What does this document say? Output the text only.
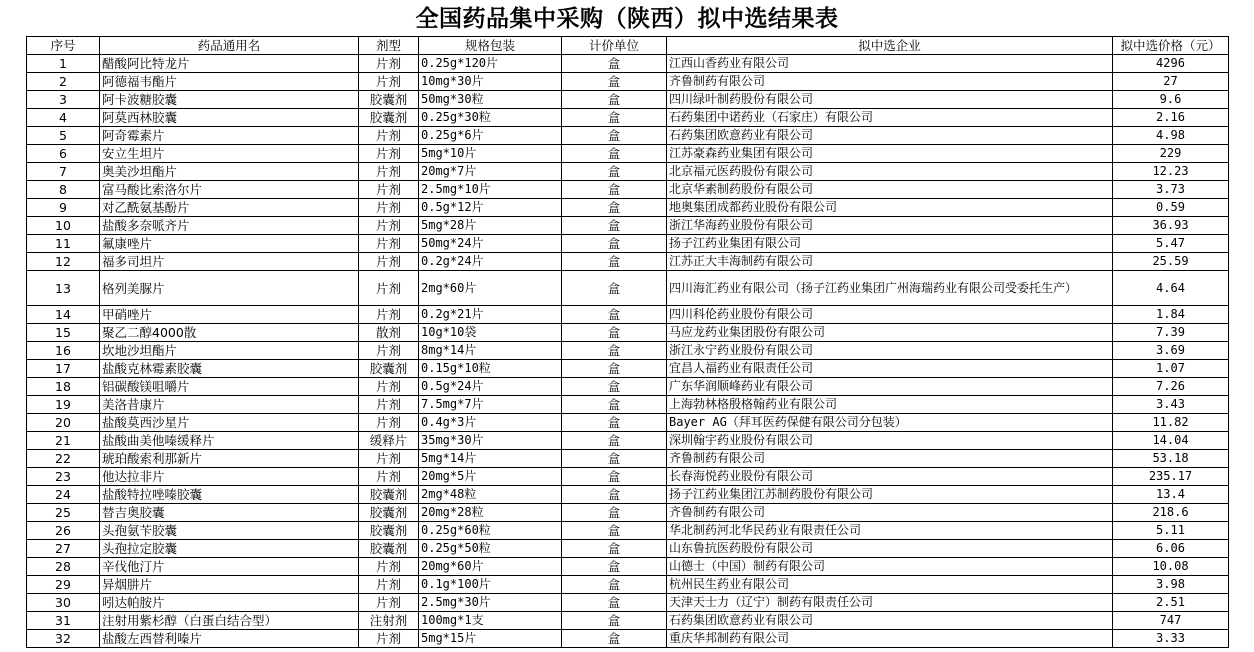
全国药品集中采购（陕西）拟中选结果表
序号	药品通用名	剂型	规格包装	计价单位	拟中选企业	拟中选价格（元）
1	醋酸阿比特龙片	片剂	0.25g*120片	盒	江西山香药业有限公司	4296
2	阿德福韦酯片	片剂	10mg*30片	盒	齐鲁制药有限公司	27
3	阿卡波糖胶囊	胶囊剂	50mg*30粒	盒	四川绿叶制药股份有限公司	9.6
4	阿莫西林胶囊	胶囊剂	0.25g*30粒	盒	石药集团中诺药业（石家庄）有限公司	2.16
5	阿奇霉素片	片剂	0.25g*6片	盒	石药集团欧意药业有限公司	4.98
6	安立生坦片	片剂	5mg*10片	盒	江苏豪森药业集团有限公司	229
7	奥美沙坦酯片	片剂	20mg*7片	盒	北京福元医药股份有限公司	12.23
8	富马酸比索洛尔片	片剂	2.5mg*10片	盒	北京华素制药股份有限公司	3.73
9	对乙酰氨基酚片	片剂	0.5g*12片	盒	地奥集团成都药业股份有限公司	0.59
10	盐酸多奈哌齐片	片剂	5mg*28片	盒	浙江华海药业股份有限公司	36.93
11	氟康唑片	片剂	50mg*24片	盒	扬子江药业集团有限公司	5.47
12	福多司坦片	片剂	0.2g*24片	盒	江苏正大丰海制药有限公司	25.59
13	格列美脲片	片剂	2mg*60片	盒	四川海汇药业有限公司（扬子江药业集团广州海瑞药业有限公司受委托生产）	4.64
14	甲硝唑片	片剂	0.2g*21片	盒	四川科伦药业股份有限公司	1.84
15	聚乙二醇4000散	散剂	10g*10袋	盒	马应龙药业集团股份有限公司	7.39
16	坎地沙坦酯片	片剂	8mg*14片	盒	浙江永宁药业股份有限公司	3.69
17	盐酸克林霉素胶囊	胶囊剂	0.15g*10粒	盒	宜昌人福药业有限责任公司	1.07
18	铝碳酸镁咀嚼片	片剂	0.5g*24片	盒	广东华润顺峰药业有限公司	7.26
19	美洛昔康片	片剂	7.5mg*7片	盒	上海勃林格殷格翰药业有限公司	3.43
20	盐酸莫西沙星片	片剂	0.4g*3片	盒	Bayer AG（拜耳医药保健有限公司分包装）	11.82
21	盐酸曲美他嗪缓释片	缓释片	35mg*30片	盒	深圳翰宇药业股份有限公司	14.04
22	琥珀酸索利那新片	片剂	5mg*14片	盒	齐鲁制药有限公司	53.18
23	他达拉非片	片剂	20mg*5片	盒	长春海悦药业股份有限公司	235.17
24	盐酸特拉唑嗪胶囊	胶囊剂	2mg*48粒	盒	扬子江药业集团江苏制药股份有限公司	13.4
25	替吉奥胶囊	胶囊剂	20mg*28粒	盒	齐鲁制药有限公司	218.6
26	头孢氨苄胶囊	胶囊剂	0.25g*60粒	盒	华北制药河北华民药业有限责任公司	5.11
27	头孢拉定胶囊	胶囊剂	0.25g*50粒	盒	山东鲁抗医药股份有限公司	6.06
28	辛伐他汀片	片剂	20mg*60片	盒	山德士（中国）制药有限公司	10.08
29	异烟肼片	片剂	0.1g*100片	盒	杭州民生药业有限公司	3.98
30	吲达帕胺片	片剂	2.5mg*30片	盒	天津天士力（辽宁）制药有限责任公司	2.51
31	注射用紫杉醇（白蛋白结合型）	注射剂	100mg*1支	盒	石药集团欧意药业有限公司	747
32	盐酸左西替利嗪片	片剂	5mg*15片	盒	重庆华邦制药有限公司	3.33
